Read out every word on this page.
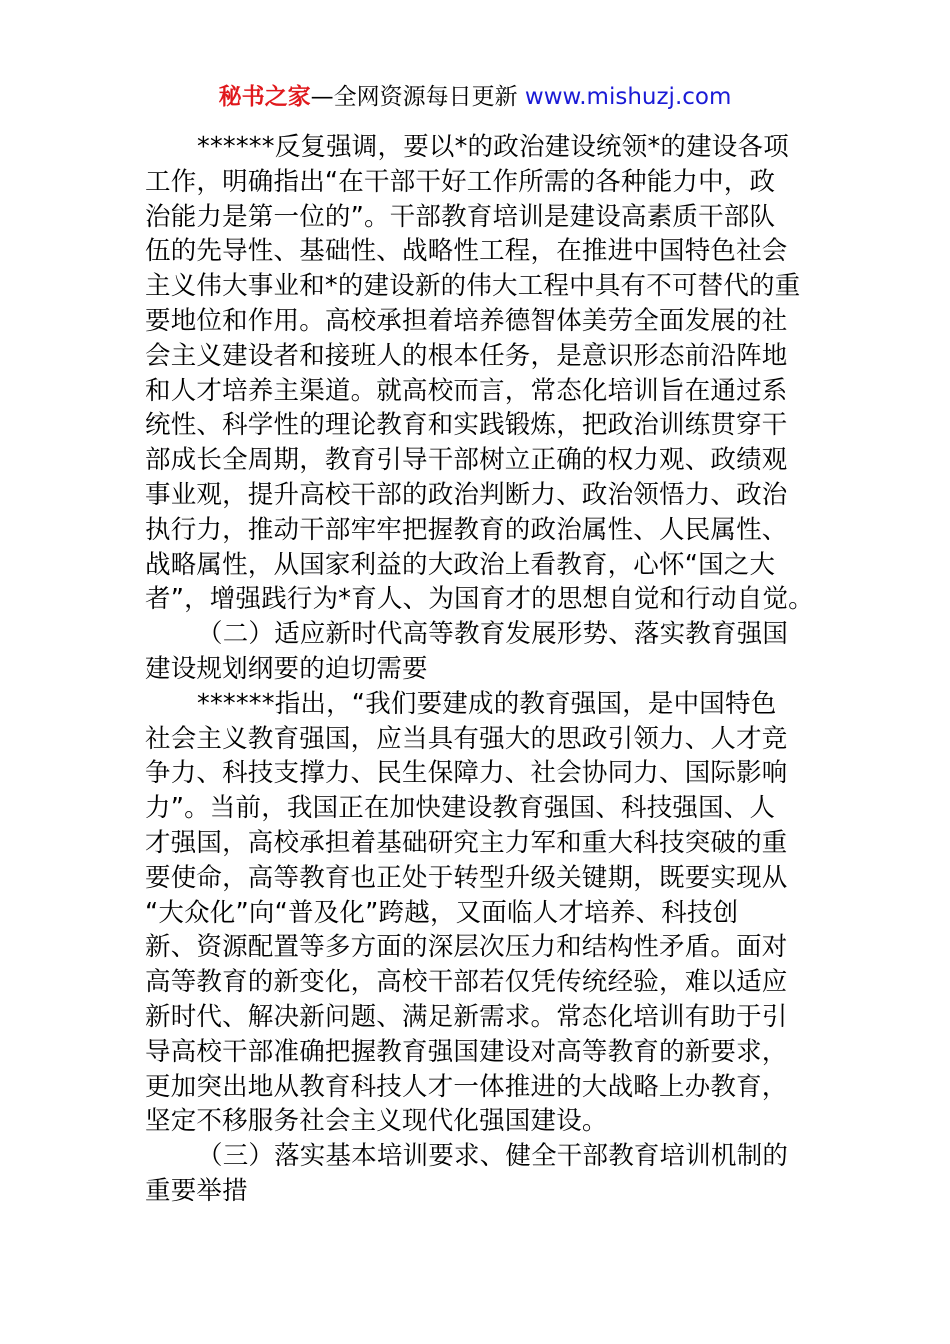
秘书之家—全网资源每日更新 www.mishuzj.com
******反复强调，要以*的政治建设统领*的建设各项
工作，明确指出“在干部干好工作所需的各种能力中，政
治能力是第一位的”。干部教育培训是建设高素质干部队
伍的先导性、基础性、战略性工程，在推进中国特色社会
主义伟大事业和*的建设新的伟大工程中具有不可替代的重
要地位和作用。高校承担着培养德智体美劳全面发展的社
会主义建设者和接班人的根本任务，是意识形态前沿阵地
和人才培养主渠道。就高校而言，常态化培训旨在通过系
统性、科学性的理论教育和实践锻炼，把政治训练贯穿干
部成长全周期，教育引导干部树立正确的权力观、政绩观
事业观，提升高校干部的政治判断力、政治领悟力、政治
执行力，推动干部牢牢把握教育的政治属性、人民属性、
战略属性，从国家利益的大政治上看教育，心怀“国之大
者”，增强践行为*育人、为国育才的思想自觉和行动自觉。
（二）适应新时代高等教育发展形势、落实教育强国
建设规划纲要的迫切需要
******指出，“我们要建成的教育强国，是中国特色
社会主义教育强国，应当具有强大的思政引领力、人才竞
争力、科技支撑力、民生保障力、社会协同力、国际影响
力”。当前，我国正在加快建设教育强国、科技强国、人
才强国，高校承担着基础研究主力军和重大科技突破的重
要使命，高等教育也正处于转型升级关键期，既要实现从
“大众化”向“普及化”跨越，又面临人才培养、科技创
新、资源配置等多方面的深层次压力和结构性矛盾。面对
高等教育的新变化，高校干部若仅凭传统经验，难以适应
新时代、解决新问题、满足新需求。常态化培训有助于引
导高校干部准确把握教育强国建设对高等教育的新要求，
更加突出地从教育科技人才一体推进的大战略上办教育，
坚定不移服务社会主义现代化强国建设。
（三）落实基本培训要求、健全干部教育培训机制的
重要举措
